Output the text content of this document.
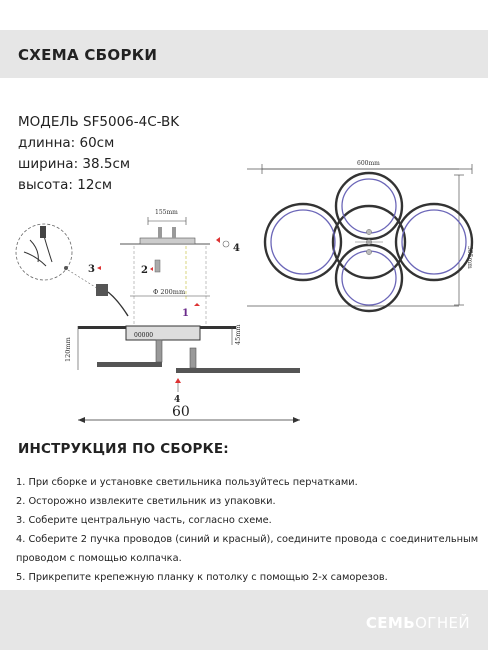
СХЕМА СБОРКИ
МОДЕЛЬ SF5006-4C-BK
длинна: 60см
ширина: 38.5см
высота: 12см
600mm
385mm
155mm
Φ 200mm
4
2
3
1
00000
120mm
45mm
4
60
ИНСТРУКЦИЯ ПО СБОРКЕ:
1. При сборке и установке светильника пользуйтесь перчатками.
2. Осторожно извлеките светильник из упаковки.
3. Соберите центральную часть, согласно схеме.
4. Соберите 2 пучка проводов (синий и красный), соедините провода с соединительным
проводом с помощью колпачка.
5. Прикрепите крепежную планку к потолку с помощью 2-х саморезов.
СЕМЬОГНЕЙ
